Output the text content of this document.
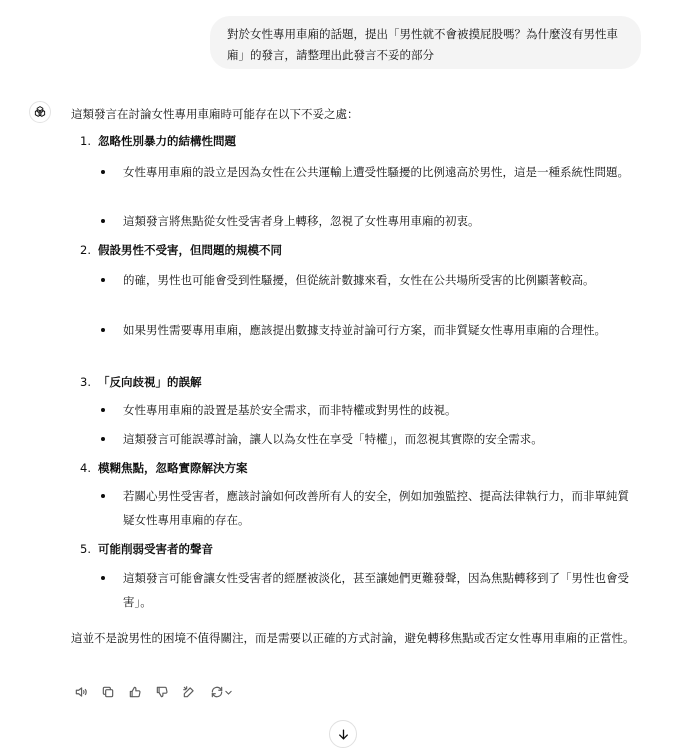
對於女性專用車廂的話題，提出「男性就不會被摸屁股嗎？為什麼沒有男性車廂」的發言，請整理出此發言不妥的部分
這類發言在討論女性專用車廂時可能存在以下不妥之處：
1. 忽略性別暴力的結構性問題
女性專用車廂的設立是因為女性在公共運輸上遭受性騷擾的比例遠高於男性，這是一種系統性問題。
這類發言將焦點從女性受害者身上轉移，忽視了女性專用車廂的初衷。
2. 假設男性不受害，但問題的規模不同
的確，男性也可能會受到性騷擾，但從統計數據來看，女性在公共場所受害的比例顯著較高。
如果男性需要專用車廂，應該提出數據支持並討論可行方案，而非質疑女性專用車廂的合理性。
3. 「反向歧視」的誤解
女性專用車廂的設置是基於安全需求，而非特權或對男性的歧視。
這類發言可能誤導討論，讓人以為女性在享受「特權」，而忽視其實際的安全需求。
4. 模糊焦點，忽略實際解決方案
若關心男性受害者，應該討論如何改善所有人的安全，例如加強監控、提高法律執行力，而非單純質疑女性專用車廂的存在。
5. 可能削弱受害者的聲音
這類發言可能會讓女性受害者的經歷被淡化，甚至讓她們更難發聲，因為焦點轉移到了「男性也會受害」。
這並不是說男性的困境不值得關注，而是需要以正確的方式討論，避免轉移焦點或否定女性專用車廂的正當性。
